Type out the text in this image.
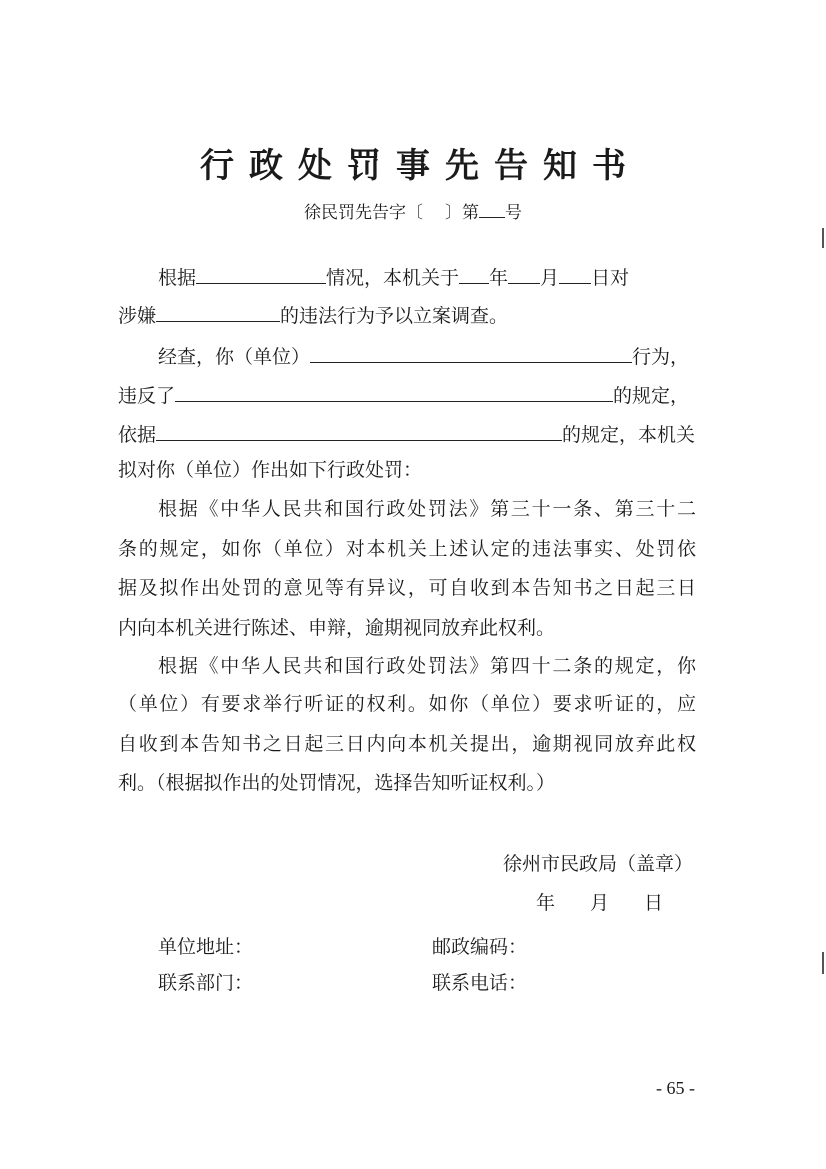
行政处罚事先告知书
徐民罚先告字〔 〕第 号
根据	情况，本机关于 年 月 日对
涉嫌	的违法行为予以立案调查。
经查，你（单位）	行为，
违反了	的规定，
依据	的规定，本机关
拟对你（单位）作出如下行政处罚：
根据《中华人民共和国行政处罚法》第三十一条、第三十二
条的规定，如你（单位）对本机关上述认定的违法事实、处罚依
据及拟作出处罚的意见等有异议，可自收到本告知书之日起三日
内向本机关进行陈述、申辩，逾期视同放弃此权利。
根据《中华人民共和国行政处罚法》第四十二条的规定，你
（单位）有要求举行听证的权利。如你（单位）要求听证的，应
自收到本告知书之日起三日内向本机关提出，逾期视同放弃此权
利。（根据拟作出的处罚情况，选择告知听证权利。）
徐州市民政局（盖章）
年　月　日
单位地址：	邮政编码：
联系部门：	联系电话：
- 65 -
